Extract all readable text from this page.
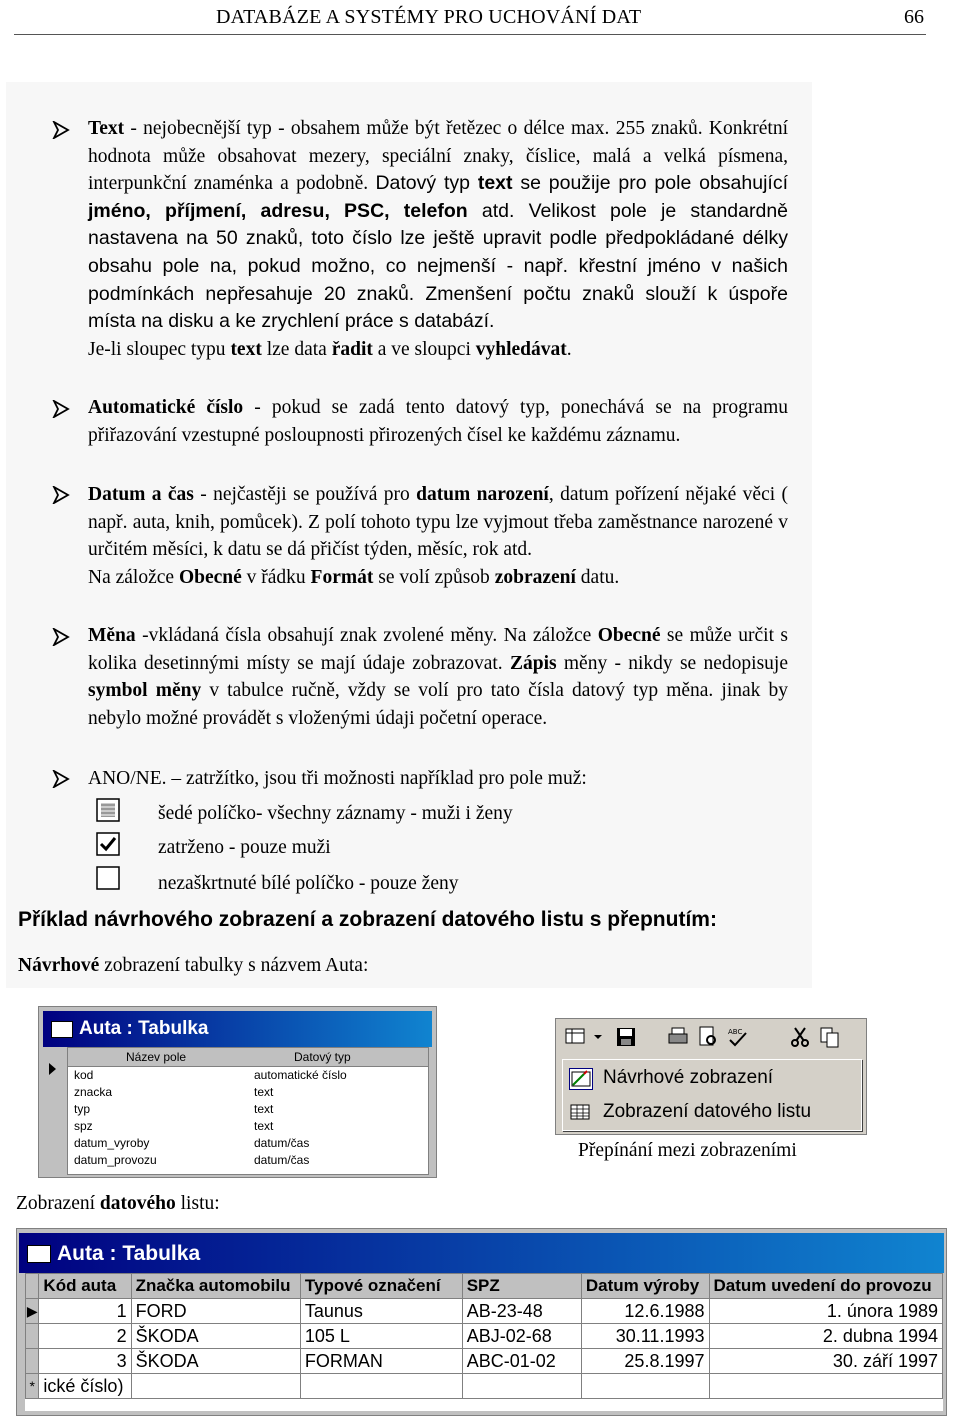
DATABÁZE A SYSTÉMY PRO UCHOVÁNÍ DAT	66
Text - nejobecnější typ - obsahem může být řetězec o délce max. 255 znaků. Konkrétní hodnota může obsahovat mezery, speciální znaky, číslice, malá a velká písmena, interpunkční znaménka a podobně. Datový typ text se použije pro pole obsahující jméno, příjmení, adresu, PSC, telefon atd. Velikost pole je standardně nastavena na 50 znaků, toto číslo lze ještě upravit podle předpokládané délky obsahu pole na, pokud možno, co nejmenší - např. křestní jméno v našich podmínkách nepřesahuje 20 znaků. Zmenšení počtu znaků slouží k úspoře místa na disku a ke zrychlení práce s databází.
Je-li sloupec typu text lze data řadit a ve sloupci vyhledávat.
Automatické číslo - pokud se zadá tento datový typ, ponechává se na programu přiřazování vzestupné posloupnosti přirozených čísel ke každému záznamu.
Datum a čas - nejčastěji se používá pro datum narození, datum pořízení nějaké věci ( např. auta, knih, pomůcek). Z polí tohoto typu lze vyjmout třeba zaměstnance narozené v určitém měsíci, k datu se dá přičíst týden, měsíc, rok atd.
Na záložce Obecné v řádku Formát se volí způsob zobrazení datu.
Měna -vkládaná čísla obsahují znak zvolené měny. Na záložce Obecné se může určit s kolika desetinnými místy se mají údaje zobrazovat. Zápis měny - nikdy se nedopisuje symbol měny v tabulce ručně, vždy se volí pro tato čísla datový typ měna. jinak by nebylo možné provádět s vloženými údaji početní operace.
ANO/NE. – zatržítko, jsou tři možnosti například pro pole muž:
šedé políčko- všechny záznamy - muži i ženy
zatrženo - pouze muži
nezaškrtnuté bílé políčko - pouze ženy
Příklad návrhového zobrazení a zobrazení datového listu s přepnutím:
Návrhové zobrazení tabulky s názvem Auta:
Auta : Tabulka
Název pole	Datový typ
kod	automatické číslo
znacka	text
typ	text
spz	text
datum_vyroby	datum/čas
datum_provozu	datum/čas
ABC
Návrhové zobrazení
Zobrazení datového listu
Přepínání mezi zobrazeními
Zobrazení datového listu:
Auta : Tabulka
	Kód auta	Značka automobilu	Typové označení	SPZ	Datum výroby	Datum uvedení do provozu
▶	1	FORD	Taunus	AB-23-48	12.6.1988	1. února 1989
	2	ŠKODA	105 L	ABJ-02-68	30.11.1993	2. dubna 1994
	3	ŠKODA	FORMAN	ABC-01-02	25.8.1997	30. září 1997
*	ické číslo)					
